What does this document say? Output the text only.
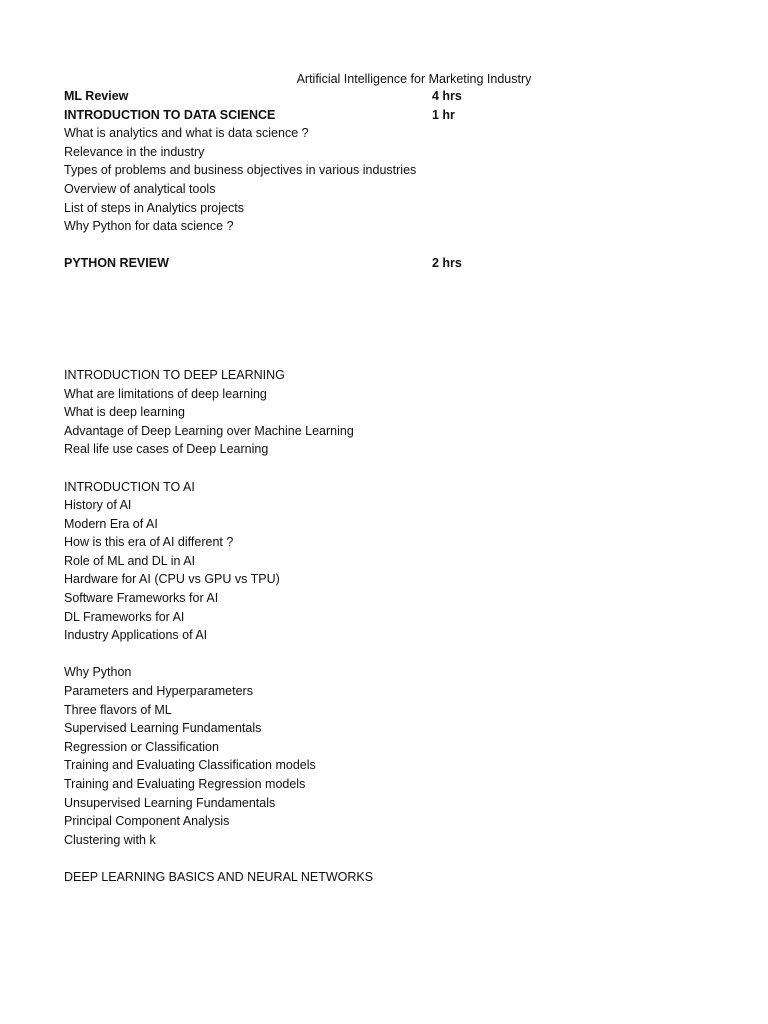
Artificial Intelligence for Marketing Industry
ML Review	4 hrs
INTRODUCTION TO DATA SCIENCE	1 hr
What is analytics and what is data science ?
Relevance in the industry
Types of problems and business objectives in various industries
Overview of analytical tools
List of steps in Analytics projects
Why Python for data science ?
PYTHON REVIEW	2 hrs
INTRODUCTION TO DEEP LEARNING
What are limitations of deep learning
What is deep learning
Advantage of Deep Learning over Machine Learning
Real life use cases of Deep Learning
INTRODUCTION TO AI
History of AI
Modern Era of AI
How is this era of AI different ?
Role of ML and DL in AI
Hardware for AI (CPU vs GPU vs TPU)
Software Frameworks for AI
DL Frameworks for AI
Industry Applications of AI
Why Python
Parameters and Hyperparameters
Three flavors of ML
Supervised Learning Fundamentals
Regression or Classification
Training and Evaluating Classification models
Training and Evaluating Regression models
Unsupervised Learning Fundamentals
Principal Component Analysis
Clustering with k
DEEP LEARNING BASICS AND NEURAL NETWORKS
